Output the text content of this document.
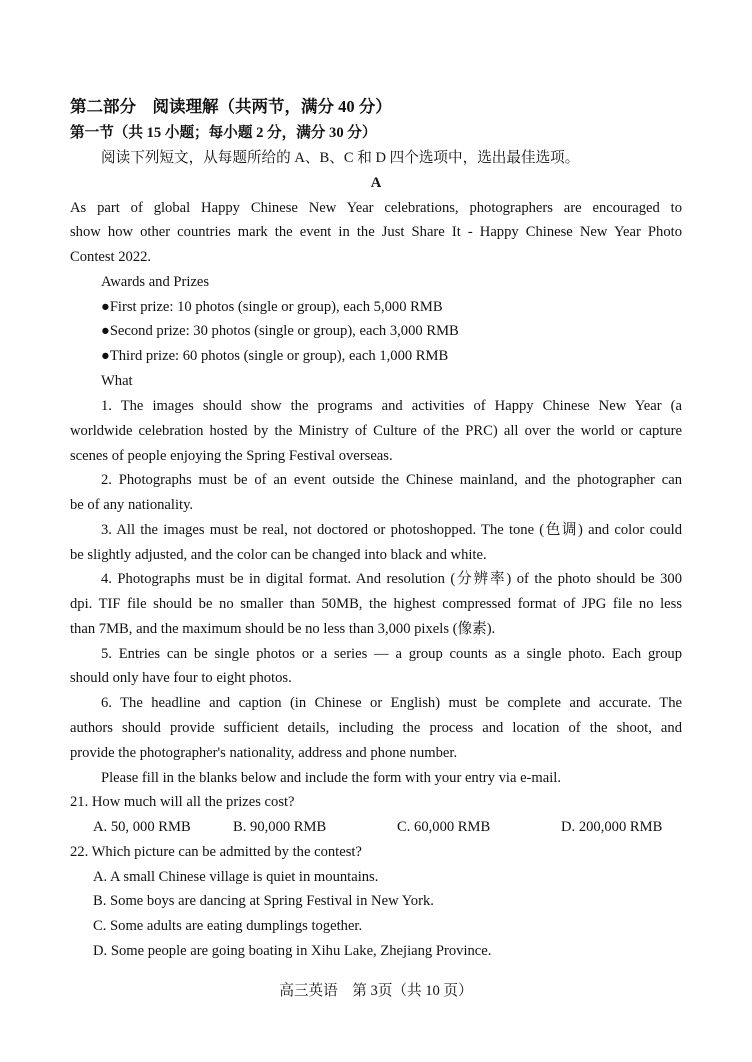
第二部分　阅读理解（共两节，满分 40 分）
第一节（共 15 小题；每小题 2 分，满分 30 分）
阅读下列短文，从每题所给的 A、B、C 和 D 四个选项中，选出最佳选项。
A
As part of global Happy Chinese New Year celebrations, photographers are encouraged to
show how other countries mark the event in the Just Share It - Happy Chinese New Year Photo
Contest 2022.
Awards and Prizes
●First prize: 10 photos (single or group), each 5,000 RMB
●Second prize: 30 photos (single or group), each 3,000 RMB
●Third prize: 60 photos (single or group), each 1,000 RMB
What
1. The images should show the programs and activities of Happy Chinese New Year (a
worldwide celebration hosted by the Ministry of Culture of the PRC) all over the world or capture
scenes of people enjoying the Spring Festival overseas.
2. Photographs must be of an event outside the Chinese mainland, and the photographer can
be of any nationality.
3. All the images must be real, not doctored or photoshopped. The tone (色调) and color could
be slightly adjusted, and the color can be changed into black and white.
4. Photographs must be in digital format. And resolution (分辨率) of the photo should be 300
dpi. TIF file should be no smaller than 50MB, the highest compressed format of JPG file no less
than 7MB, and the maximum should be no less than 3,000 pixels (像素).
5. Entries can be single photos or a series — a group counts as a single photo. Each group
should only have four to eight photos.
6. The headline and caption (in Chinese or English) must be complete and accurate. The
authors should provide sufficient details, including the process and location of the shoot, and
provide the photographer's nationality, address and phone number.
Please fill in the blanks below and include the form with your entry via e-mail.
21. How much will all the prizes cost?
A. 50, 000 RMB	B. 90,000 RMB	C. 60,000 RMB	D. 200,000 RMB
22. Which picture can be admitted by the contest?
A. A small Chinese village is quiet in mountains.
B. Some boys are dancing at Spring Festival in New York.
C. Some adults are eating dumplings together.
D. Some people are going boating in Xihu Lake, Zhejiang Province.
高三英语　第 3页（共 10 页）
